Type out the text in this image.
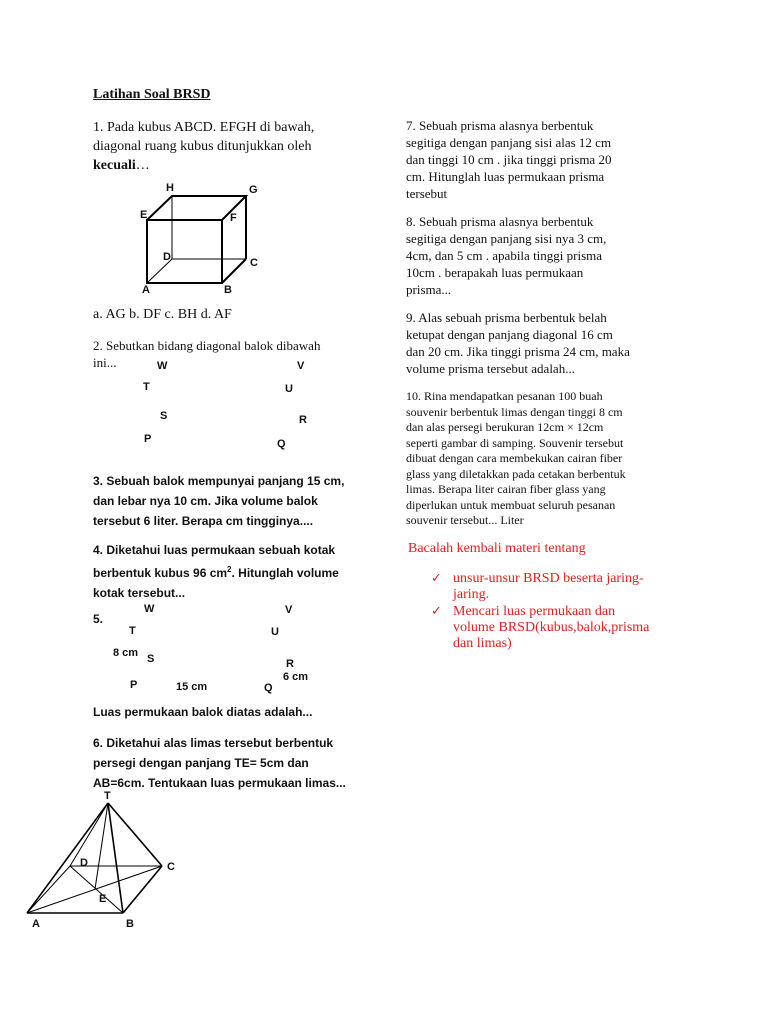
Latihan Soal BRSD
1. Pada kubus ABCD. EFGH di bawah,
diagonal ruang kubus ditunjukkan oleh
kecuali…
H	G
E	F
D	C
A	B
a. AG b. DF c. BH d. AF
2. Sebutkan bidang diagonal balok dibawah
ini...	W	V
T	U
S	R
P	Q
3. Sebuah balok mempunyai panjang 15 cm,
dan lebar nya 10 cm. Jika volume balok
tersebut 6 liter. Berapa cm tingginya....
4. Diketahui luas permukaan sebuah kotak
berbentuk kubus 96 $cm^2$. Hitunglah volume
kotak tersebut...
5.
W	V
T	U
8 cm S	R
6 cm
P	15 cm	Q
Luas permukaan balok diatas adalah...
6. Diketahui alas limas tersebut berbentuk
persegi dengan panjang TE= 5cm dan
AB=6cm. Tentukaan luas permukaan limas...
T
D	C
E
A	B
7. Sebuah prisma alasnya berbentuk
segitiga dengan panjang sisi alas 12 cm
dan tinggi 10 cm . jika tinggi prisma 20
cm. Hitunglah luas permukaan prisma
tersebut
8. Sebuah prisma alasnya berbentuk
segitiga dengan panjang sisi nya 3 cm,
4cm, dan 5 cm . apabila tinggi prisma
10cm . berapakah luas permukaan
prisma...
9. Alas sebuah prisma berbentuk belah
ketupat dengan panjang diagonal 16 cm
dan 20 cm. Jika tinggi prisma 24 cm, maka
volume prisma tersebut adalah...
10. Rina mendapatkan pesanan 100 buah
souvenir berbentuk limas dengan tinggi 8 cm
dan alas persegi berukuran 12cm × 12cm
seperti gambar di samping. Souvenir tersebut
dibuat dengan cara membekukan cairan fiber
glass yang diletakkan pada cetakan berbentuk
limas. Berapa liter cairan fiber glass yang
diperlukan untuk membuat seluruh pesanan
souvenir tersebut... Liter
Bacalah kembali materi tentang
✓ unsur-unsur BRSD beserta jaring-
jaring.
✓ Mencari luas permukaan dan
volume BRSD(kubus,balok,prisma
dan limas)
